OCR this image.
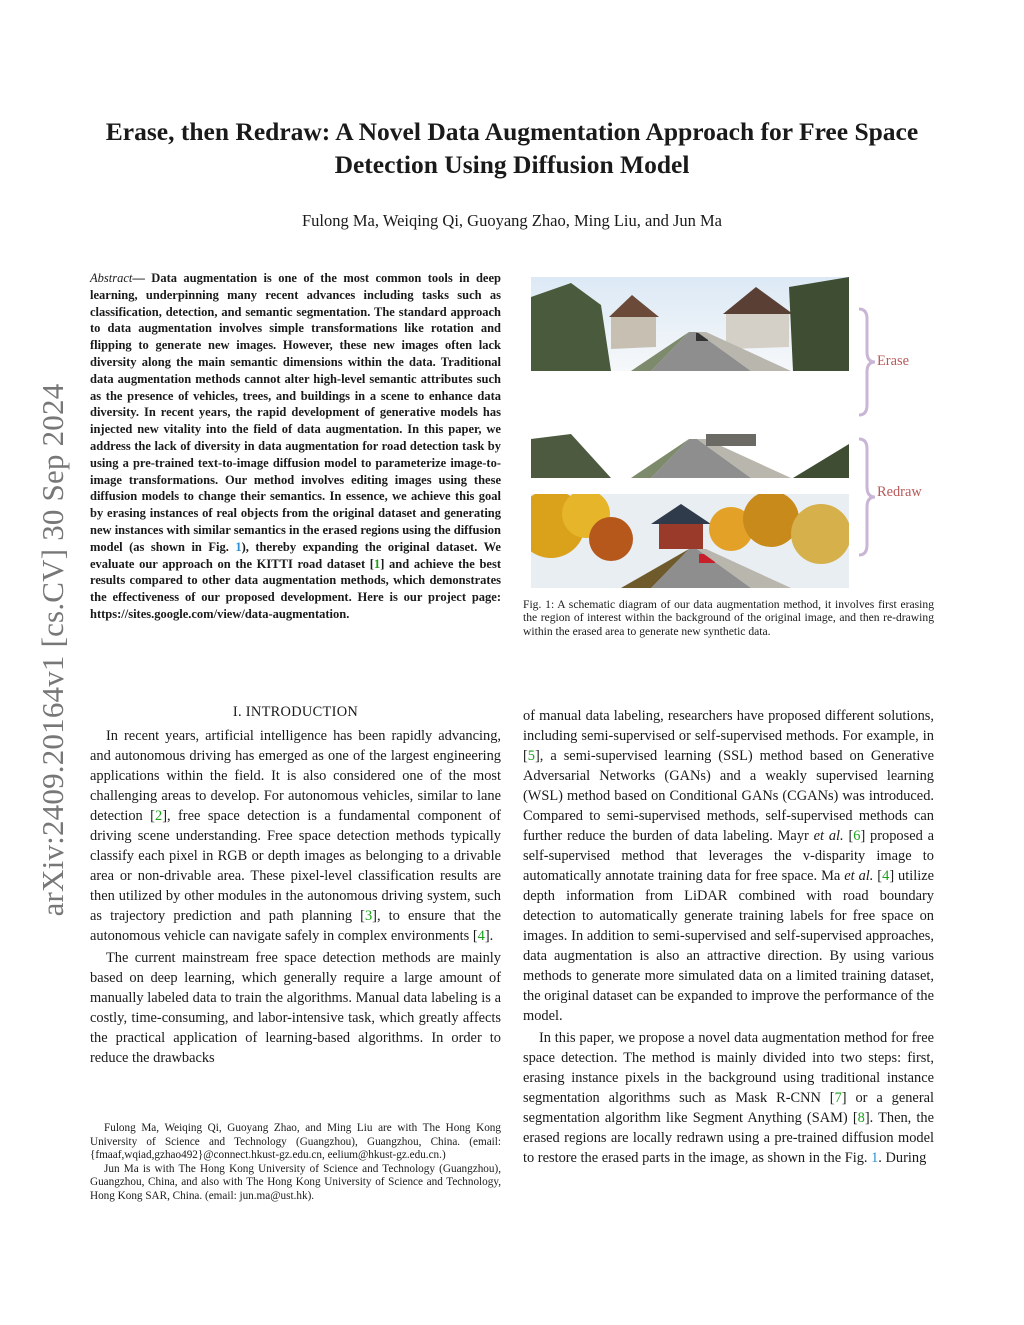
arXiv:2409.20164v1 [cs.CV] 30 Sep 2024
Erase, then Redraw: A Novel Data Augmentation Approach for Free Space Detection Using Diffusion Model
Fulong Ma, Weiqing Qi, Guoyang Zhao, Ming Liu, and Jun Ma
Abstract— Data augmentation is one of the most common tools in deep learning, underpinning many recent advances including tasks such as classification, detection, and semantic segmentation. The standard approach to data augmentation involves simple transformations like rotation and flipping to generate new images. However, these new images often lack diversity along the main semantic dimensions within the data. Traditional data augmentation methods cannot alter high-level semantic attributes such as the presence of vehicles, trees, and buildings in a scene to enhance data diversity. In recent years, the rapid development of generative models has injected new vitality into the field of data augmentation. In this paper, we address the lack of diversity in data augmentation for road detection task by using a pre-trained text-to-image diffusion model to parameterize image-to-image transformations. Our method involves editing images using these diffusion models to change their semantics. In essence, we achieve this goal by erasing instances of real objects from the original dataset and generating new instances with similar semantics in the erased regions using the diffusion model (as shown in Fig. 1), thereby expanding the original dataset. We evaluate our approach on the KITTI road dataset [1] and achieve the best results compared to other data augmentation methods, which demonstrates the effectiveness of our proposed development. Here is our project page: https://sites.google.com/view/data-augmentation.
I. INTRODUCTION

In recent years, artificial intelligence has been rapidly advancing, and autonomous driving has emerged as one of the largest engineering applications within the field. It is also considered one of the most challenging areas to develop. For autonomous vehicles, similar to lane detection [2], free space detection is a fundamental component of driving scene understanding. Free space detection methods typically classify each pixel in RGB or depth images as belonging to a drivable area or non-drivable area. These pixel-level classification results are then utilized by other modules in the autonomous driving system, such as trajectory prediction and path planning [3], to ensure that the autonomous vehicle can navigate safely in complex environments [4].

The current mainstream free space detection methods are mainly based on deep learning, which generally require a large amount of manually labeled data to train the algorithms. Manual data labeling is a costly, time-consuming, and labor-intensive task, which greatly affects the practical application of learning-based algorithms. In order to reduce the drawbacks

Erase
Redraw
Fig. 1: A schematic diagram of our data augmentation method, it involves first erasing the region of interest within the background of the original image, and then re-drawing within the erased area to generate new synthetic data.

of manual data labeling, researchers have proposed different solutions, including semi-supervised or self-supervised methods. For example, in [5], a semi-supervised learning (SSL) method based on Generative Adversarial Networks (GANs) and a weakly supervised learning (WSL) method based on Conditional GANs (CGANs) was introduced. Compared to semi-supervised methods, self-supervised methods can further reduce the burden of data labeling. Mayr et al. [6] proposed a self-supervised method that leverages the v-disparity image to automatically annotate training data for free space. Ma et al. [4] utilize depth information from LiDAR combined with road boundary detection to automatically generate training labels for free space on images. In addition to semi-supervised and self-supervised approaches, data augmentation is also an attractive direction. By using various methods to generate more simulated data on a limited training dataset, the original dataset can be expanded to improve the performance of the model.

In this paper, we propose a novel data augmentation method for free space detection. The method is mainly divided into two steps: first, erasing instance pixels in the background using traditional instance segmentation algorithms such as Mask R-CNN [7] or a general segmentation algorithm like Segment Anything (SAM) [8]. Then, the erased regions are locally redrawn using a pre-trained diffusion model to restore the erased parts in the image, as shown in the Fig. 1. During

Fulong Ma, Weiqing Qi, Guoyang Zhao, and Ming Liu are with The Hong Kong University of Science and Technology (Guangzhou), Guangzhou, China. (email: {fmaaf,wqiad,gzhao492}@connect.hkust-gz.edu.cn, eelium@hkust-gz.edu.cn.)

Jun Ma is with The Hong Kong University of Science and Technology (Guangzhou), Guangzhou, China, and also with The Hong Kong University of Science and Technology, Hong Kong SAR, China. (email: jun.ma@ust.hk).
